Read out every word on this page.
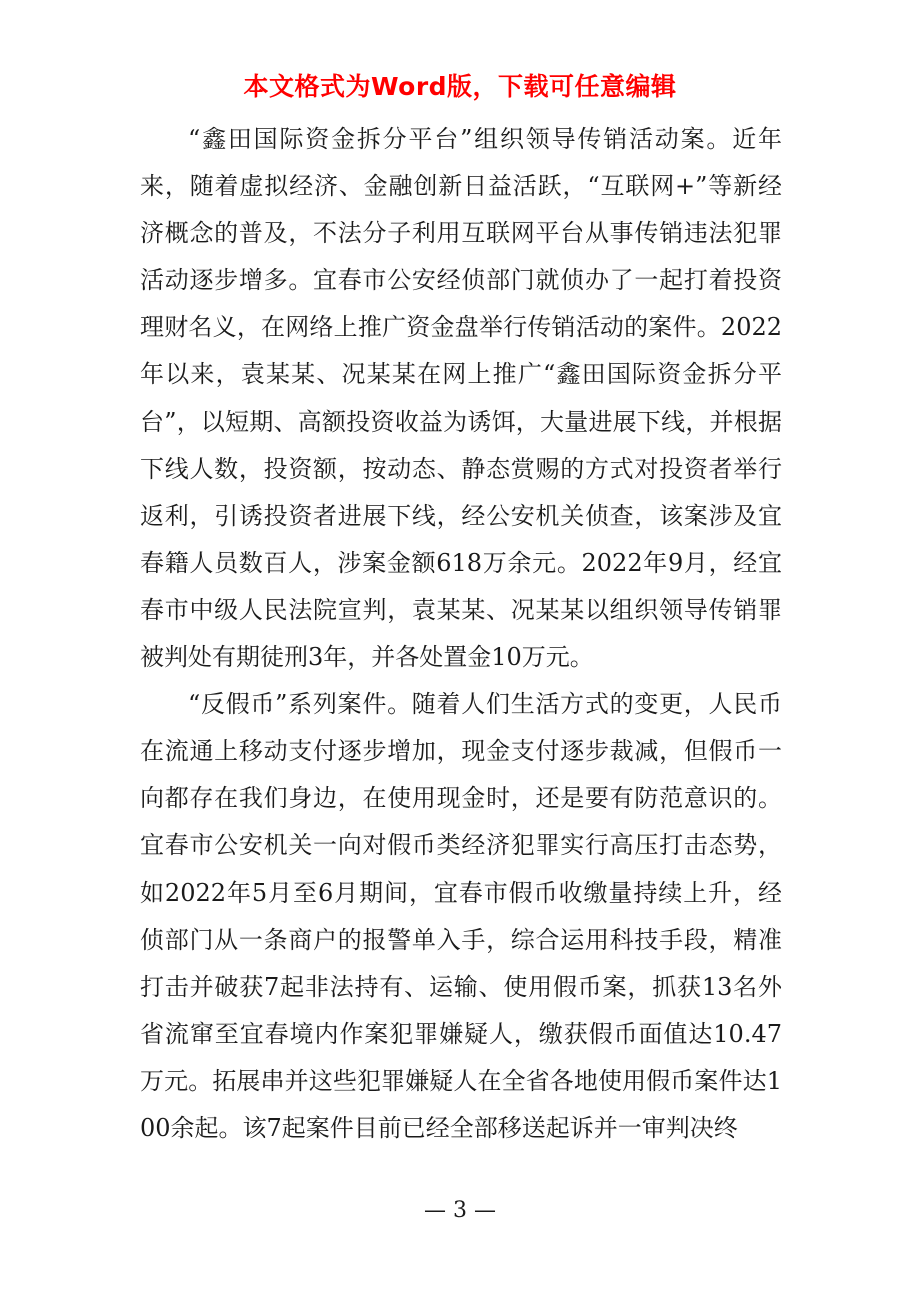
本文格式为Word版，下载可任意编辑

“鑫田国际资金拆分平台”组织领导传销活动案。近年来，随着虚拟经济、金融创新日益活跃，“互联网+”等新经济概念的普及，不法分子利用互联网平台从事传销违法犯罪活动逐步增多。宜春市公安经侦部门就侦办了一起打着投资理财名义，在网络上推广资金盘举行传销活动的案件。2022年以来，袁某某、况某某在网上推广“鑫田国际资金拆分平台”，以短期、高额投资收益为诱饵，大量进展下线，并根据下线人数，投资额，按动态、静态赏赐的方式对投资者举行返利，引诱投资者进展下线，经公安机关侦查，该案涉及宜春籍人员数百人，涉案金额618万余元。2022年9月，经宜春市中级人民法院宣判，袁某某、况某某以组织领导传销罪被判处有期徒刑3年，并各处置金10万元。

“反假币”系列案件。随着人们生活方式的变更，人民币在流通上移动支付逐步增加，现金支付逐步裁减，但假币一向都存在我们身边，在使用现金时，还是要有防范意识的。宜春市公安机关一向对假币类经济犯罪实行高压打击态势，如2022年5月至6月期间，宜春市假币收缴量持续上升，经侦部门从一条商户的报警单入手，综合运用科技手段，精准打击并破获7起非法持有、运输、使用假币案，抓获13名外省流窜至宜春境内作案犯罪嫌疑人，缴获假币面值达10.47万元。拓展串并这些犯罪嫌疑人在全省各地使用假币案件达100余起。该7起案件目前已经全部移送起诉并一审判决终

— 3 —
